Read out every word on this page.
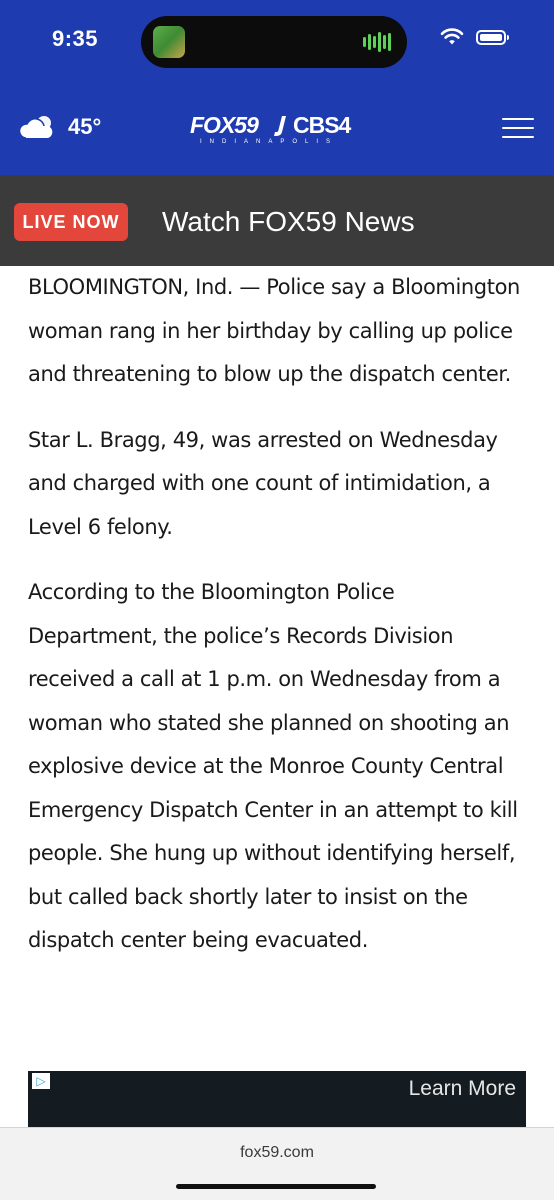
9:35
45°	FOX59 CBS4
INDIANAPOLIS
LIVE NOW	Watch FOX59 News

BLOOMINGTON, Ind. — Police say a Bloomington woman rang in her birthday by calling up police and threatening to blow up the dispatch center.

Star L. Bragg, 49, was arrested on Wednesday and charged with one count of intimidation, a Level 6 felony.

According to the Bloomington Police Department, the police’s Records Division received a call at 1 p.m. on Wednesday from a woman who stated she planned on shooting an explosive device at the Monroe County Central Emergency Dispatch Center in an attempt to kill people. She hung up without identifying herself, but called back shortly later to insist on the dispatch center being evacuated.

▷	Learn More
fox59.com
